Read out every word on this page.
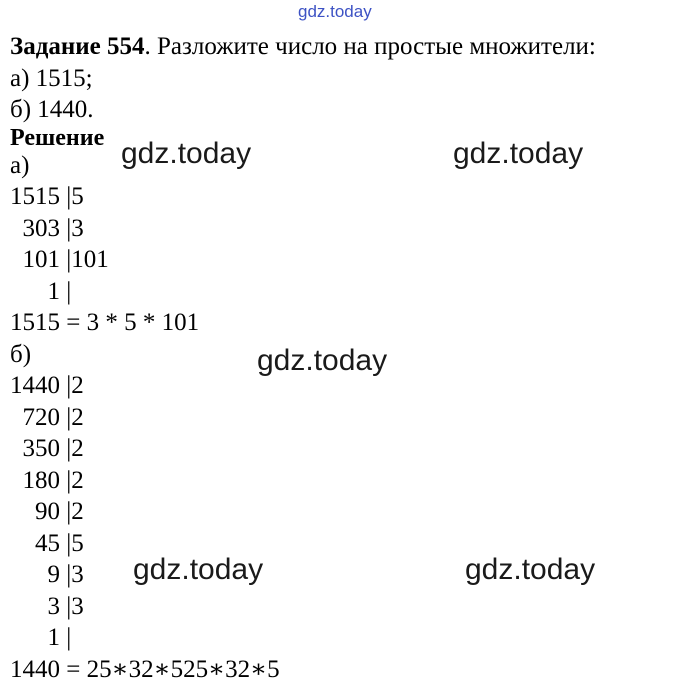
gdz.today
Задание 554. Разложите число на простые множители:
а) 1515;
б) 1440.
Решение
а)
1515 |5
303 |3
101 |101
1 |
1515 = 3 * 5 * 101
б)
1440 |2
720 |2
350 |2
180 |2
90 |2
45 |5
9 |3
3 |3
1 |
1440 = 25∗32∗525∗32∗5
gdz.today	gdz.today
gdz.today
gdz.today	gdz.today
